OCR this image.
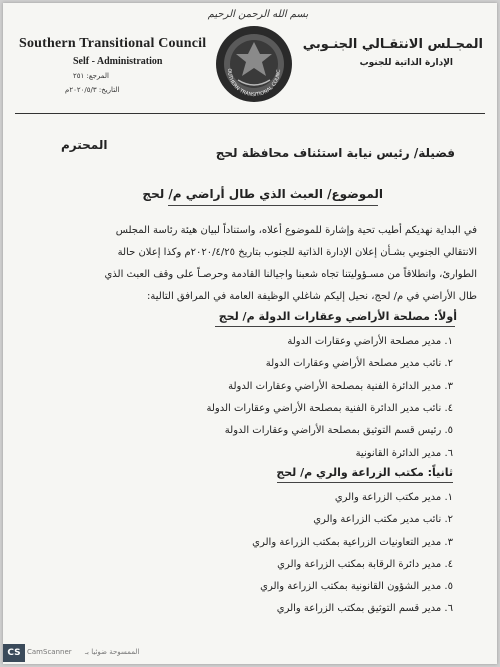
بسم الله الرحمن الرحيم
Southern Transitional Council
Self - Administration
المرجع: ٢٥١
التاريخ: ٢٠٢٠/٥/٣م
المجـلس الانتقـالي الجنـوبي
الإدارة الذاتية للجنوب
OUTHERN TRANSITIONAL COUNC
فضيلة/ رئيس نيابة استئناف محافظة لحج
المحترم
الموضوع/ العبث الذي طال أراضي م/ لحج
في البداية نهديكم أطيب تحية وإشارة للموضوع أعلاه، واستناداً لبيان هيئة رئاسة المجلس
الانتقالي الجنوبي بشـأن إعلان الإدارة الذاتية للجنوب بتاريخ ٢٠٢٠/٤/٢٥م وكذا إعلان حالة
الطوارئ، وانطلاقاً من مسـؤوليتنا تجاه شعبنا واجيالنا القادمة وحرصـاً على وقف العبث الذي
طال الأراضي في م/ لحج، نحيل إليكم شاغلي الوظيفة العامة في المرافق التالية:
أولاً: مصلحة الأراضي وعقارات الدولة م/ لحج
١. مدير مصلحة الأراضي وعقارات الدولة
٢. نائب مدير مصلحة الأراضي وعقارات الدولة
٣. مدير الدائرة الفنية بمصلحة الأراضي وعقارات الدولة
٤. نائب مدير الدائرة الفنية بمصلحة الأراضي وعقارات الدولة
٥. رئيس قسم التوثيق بمصلحة الأراضي وعقارات الدولة
٦. مدير الدائرة القانونية
ثانياً: مكتب الزراعة والري م/ لحج
١. مدير مكتب الزراعة والري
٢. نائب مدير مكتب الزراعة والري
٣. مدير التعاونيات الزراعية بمكتب الزراعة والري
٤. مدير دائرة الرقابة بمكتب الزراعة والري
٥. مدير الشؤون القانونية بمكتب الزراعة والري
٦. مدير قسم التوثيق بمكتب الزراعة والري
CS CamScanner الممسوحة ضوئيا بـ
